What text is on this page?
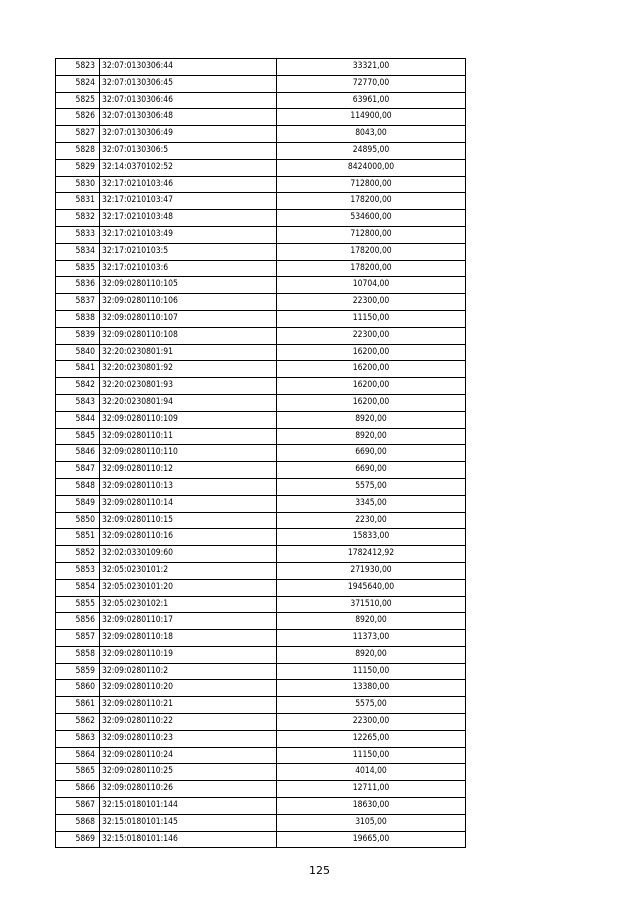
5823	32:07:0130306:44	33321,00
5824	32:07:0130306:45	72770,00
5825	32:07:0130306:46	63961,00
5826	32:07:0130306:48	114900,00
5827	32:07:0130306:49	8043,00
5828	32:07:0130306:5	24895,00
5829	32:14:0370102:52	8424000,00
5830	32:17:0210103:46	712800,00
5831	32:17:0210103:47	178200,00
5832	32:17:0210103:48	534600,00
5833	32:17:0210103:49	712800,00
5834	32:17:0210103:5	178200,00
5835	32:17:0210103:6	178200,00
5836	32:09:0280110:105	10704,00
5837	32:09:0280110:106	22300,00
5838	32:09:0280110:107	11150,00
5839	32:09:0280110:108	22300,00
5840	32:20:0230801:91	16200,00
5841	32:20:0230801:92	16200,00
5842	32:20:0230801:93	16200,00
5843	32:20:0230801:94	16200,00
5844	32:09:0280110:109	8920,00
5845	32:09:0280110:11	8920,00
5846	32:09:0280110:110	6690,00
5847	32:09:0280110:12	6690,00
5848	32:09:0280110:13	5575,00
5849	32:09:0280110:14	3345,00
5850	32:09:0280110:15	2230,00
5851	32:09:0280110:16	15833,00
5852	32:02:0330109:60	1782412,92
5853	32:05:0230101:2	271930,00
5854	32:05:0230101:20	1945640,00
5855	32:05:0230102:1	371510,00
5856	32:09:0280110:17	8920,00
5857	32:09:0280110:18	11373,00
5858	32:09:0280110:19	8920,00
5859	32:09:0280110:2	11150,00
5860	32:09:0280110:20	13380,00
5861	32:09:0280110:21	5575,00
5862	32:09:0280110:22	22300,00
5863	32:09:0280110:23	12265,00
5864	32:09:0280110:24	11150,00
5865	32:09:0280110:25	4014,00
5866	32:09:0280110:26	12711,00
5867	32:15:0180101:144	18630,00
5868	32:15:0180101:145	3105,00
5869	32:15:0180101:146	19665,00
125
